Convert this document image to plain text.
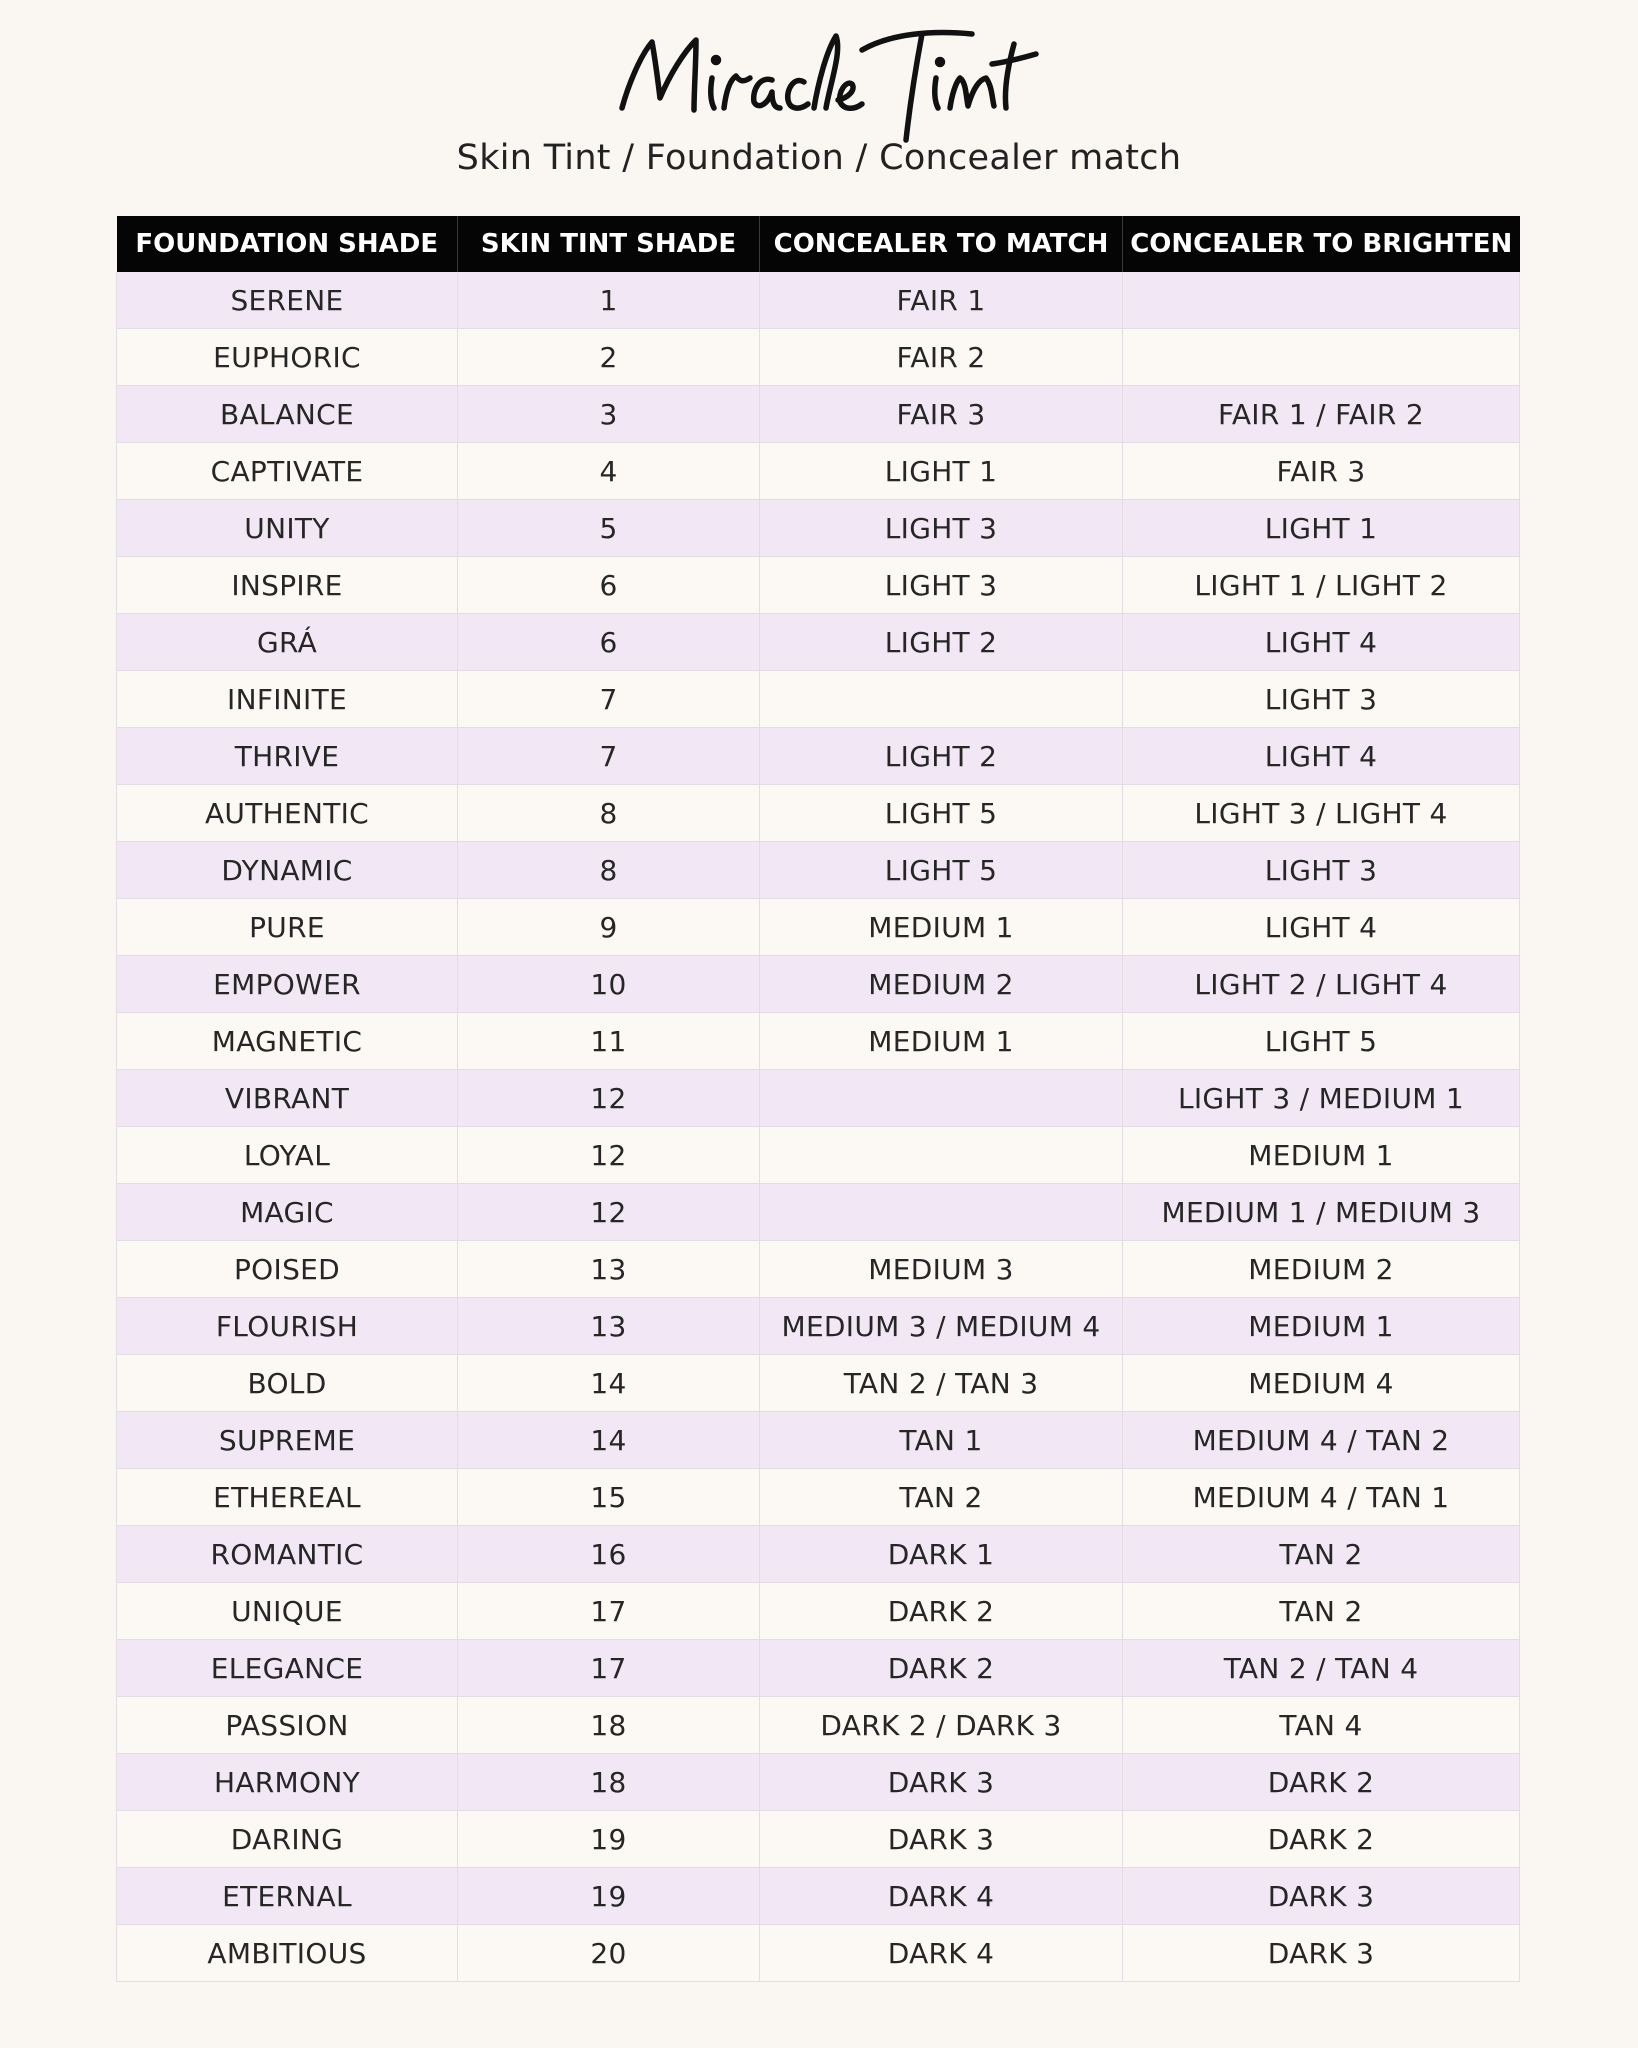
Skin Tint / Foundation / Concealer match
FOUNDATION SHADE	SKIN TINT SHADE	CONCEALER TO MATCH	CONCEALER TO BRIGHTEN
SERENE	1	FAIR 1	
EUPHORIC	2	FAIR 2	
BALANCE	3	FAIR 3	FAIR 1 / FAIR 2
CAPTIVATE	4	LIGHT 1	FAIR 3
UNITY	5	LIGHT 3	LIGHT 1
INSPIRE	6	LIGHT 3	LIGHT 1 / LIGHT 2
GRÁ	6	LIGHT 2	LIGHT 4
INFINITE	7		LIGHT 3
THRIVE	7	LIGHT 2	LIGHT 4
AUTHENTIC	8	LIGHT 5	LIGHT 3 / LIGHT 4
DYNAMIC	8	LIGHT 5	LIGHT 3
PURE	9	MEDIUM 1	LIGHT 4
EMPOWER	10	MEDIUM 2	LIGHT 2 / LIGHT 4
MAGNETIC	11	MEDIUM 1	LIGHT 5
VIBRANT	12		LIGHT 3 / MEDIUM 1
LOYAL	12		MEDIUM 1
MAGIC	12		MEDIUM 1 / MEDIUM 3
POISED	13	MEDIUM 3	MEDIUM 2
FLOURISH	13	MEDIUM 3 / MEDIUM 4	MEDIUM 1
BOLD	14	TAN 2 / TAN 3	MEDIUM 4
SUPREME	14	TAN 1	MEDIUM 4 / TAN 2
ETHEREAL	15	TAN 2	MEDIUM 4 / TAN 1
ROMANTIC	16	DARK 1	TAN 2
UNIQUE	17	DARK 2	TAN 2
ELEGANCE	17	DARK 2	TAN 2 / TAN 4
PASSION	18	DARK 2 / DARK 3	TAN 4
HARMONY	18	DARK 3	DARK 2
DARING	19	DARK 3	DARK 2
ETERNAL	19	DARK 4	DARK 3
AMBITIOUS	20	DARK 4	DARK 3
